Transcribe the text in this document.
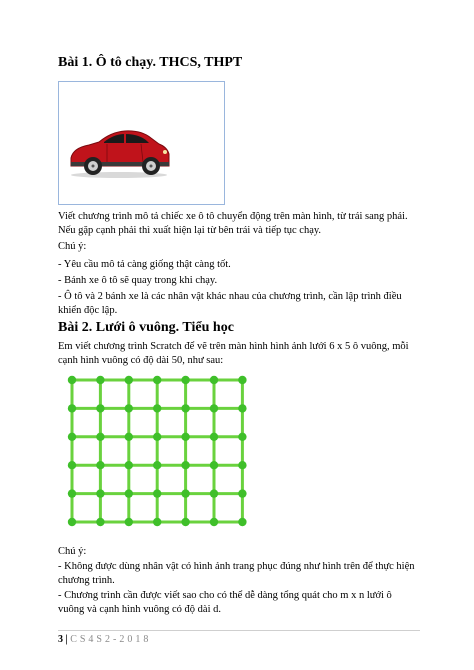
Bài 1. Ô tô chạy. THCS, THPT
Viết chương trình mô tả chiếc xe ô tô chuyển động trên màn hình, từ trái sang phải. Nếu gặp cạnh phải thì xuất hiện lại từ bên trái và tiếp tục chạy.
Chú ý:
- Yêu cầu mô tả càng giống thật càng tốt.
- Bánh xe ô tô sẽ quay trong khi chạy.
- Ô tô và 2 bánh xe là các nhân vật khác nhau của chương trình, cần lập trình điều khiển độc lập.
Bài 2. Lưới ô vuông. Tiểu học
Em viết chương trình Scratch để vẽ trên màn hình hình ảnh lưới 6 x 5 ô vuông, mỗi cạnh hình vuông có độ dài 50, như sau:
Chú ý:
- Không được dùng nhân vật có hình ảnh trang phục đúng như hình trên để thực hiện chương trình.
- Chương trình cần được viết sao cho có thể dễ dàng tổng quát cho m x n lưới ô vuông và cạnh hình vuông có độ dài d.
3 | CS4S2-2018
